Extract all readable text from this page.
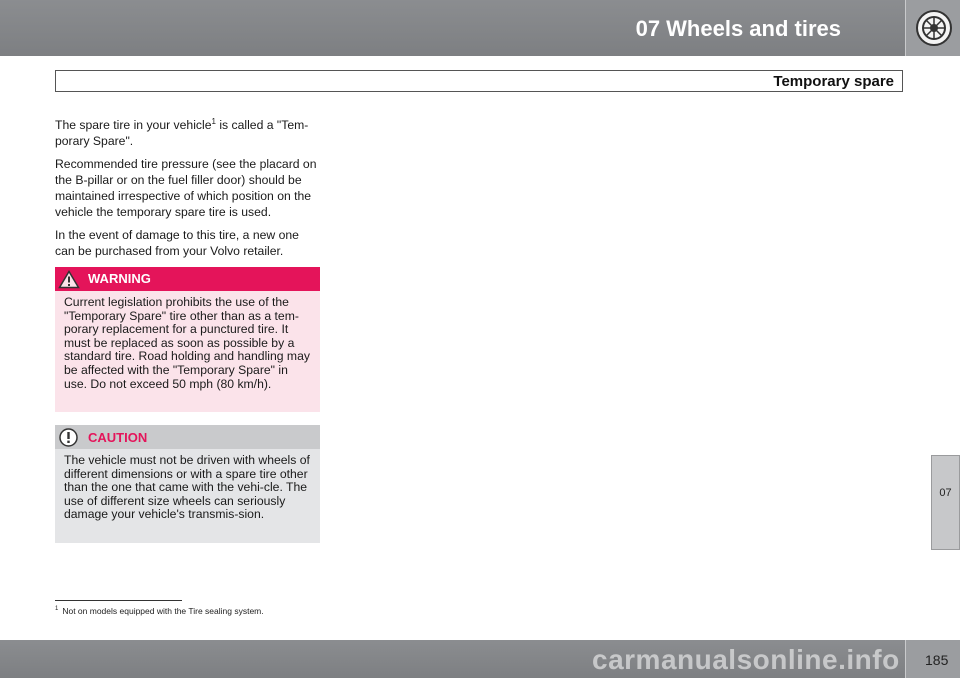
07 Wheels and tires
Temporary spare
07

The spare tire in your vehicle$^1$ is called a "Tem-porary Spare".

Recommended tire pressure (see the placard on the B-pillar or on the fuel filler door) should be maintained irrespective of which position on the vehicle the temporary spare tire is used.

In the event of damage to this tire, a new one can be purchased from your Volvo retailer.

WARNING
Current legislation prohibits the use of the "Temporary Spare" tire other than as a tem-porary replacement for a punctured tire. It must be replaced as soon as possible by a standard tire. Road holding and handling may be affected with the "Temporary Spare" in use. Do not exceed 50 mph (80 km/h).
CAUTION
The vehicle must not be driven with wheels of different dimensions or with a spare tire other than the one that came with the vehi-cle. The use of different size wheels can seriously damage your vehicle's transmis-sion.
$^1$ Not on models equipped with the Tire sealing system.
185
carmanualsonline.info
